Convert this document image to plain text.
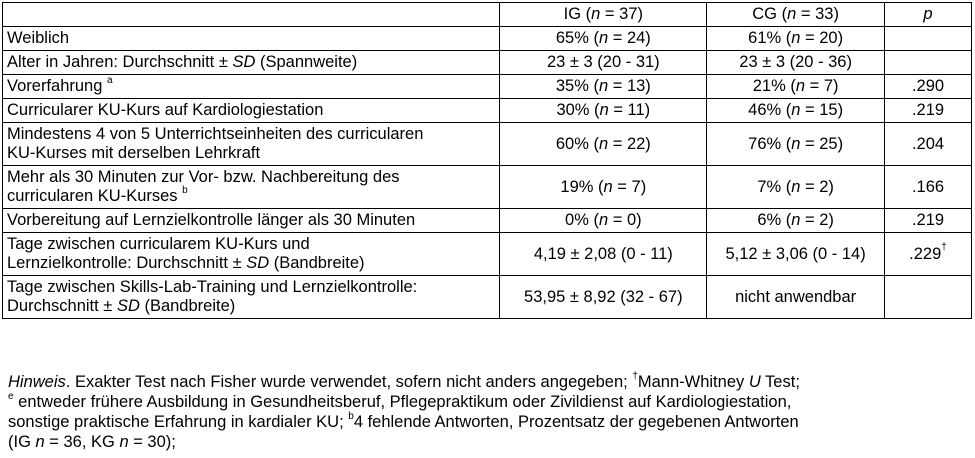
	IG (n = 37)	CG (n = 33)	p
Weiblich	65% (n = 24)	61% (n = 20)	
Alter in Jahren: Durchschnitt ± SD (Spannweite)	23 ± 3 (20 - 31)	23 ± 3 (20 - 36)	
Vorerfahrung $^a$	35% (n = 13)	21% (n = 7)	.290
Curricularer KU-Kurs auf Kardiologiestation	30% (n = 11)	46% (n = 15)	.219

Mindestens 4 von 5 Unterrichtseinheiten des curricularen
KU-Kurses mit derselben Lehrkraft	60% (n = 22)	76% (n = 25)	.204

Mehr als 30 Minuten zur Vor- bzw. Nachbereitung des
curricularen KU-Kurses $^b$	19% (n = 7)	7% (n = 2)	.166
Vorbereitung auf Lernzielkontrolle länger als 30 Minuten	0% (n = 0)	6% (n = 2)	.219

Tage zwischen curricularem KU-Kurs und
Lernzielkontrolle: Durchschnitt ± SD (Bandbreite)	4,19 ± 2,08 (0 - 11)	5,12 ± 3,06 (0 - 14)	.229†

Tage zwischen Skills-Lab-Training und Lernzielkontrolle:
Durchschnitt ± SD (Bandbreite)	53,95 ± 8,92 (32 - 67)	nicht anwendbar	
Hinweis. Exakter Test nach Fisher wurde verwendet, sofern nicht anders angegeben; †Mann-Whitney U Test;
$^e$ entweder frühere Ausbildung in Gesundheitsberuf, Pflegepraktikum oder Zivildienst auf Kardiologiestation,
sonstige praktische Erfahrung in kardialer KU; $^b$4 fehlende Antworten, Prozentsatz der gegebenen Antworten
(IG n = 36, KG n = 30);
